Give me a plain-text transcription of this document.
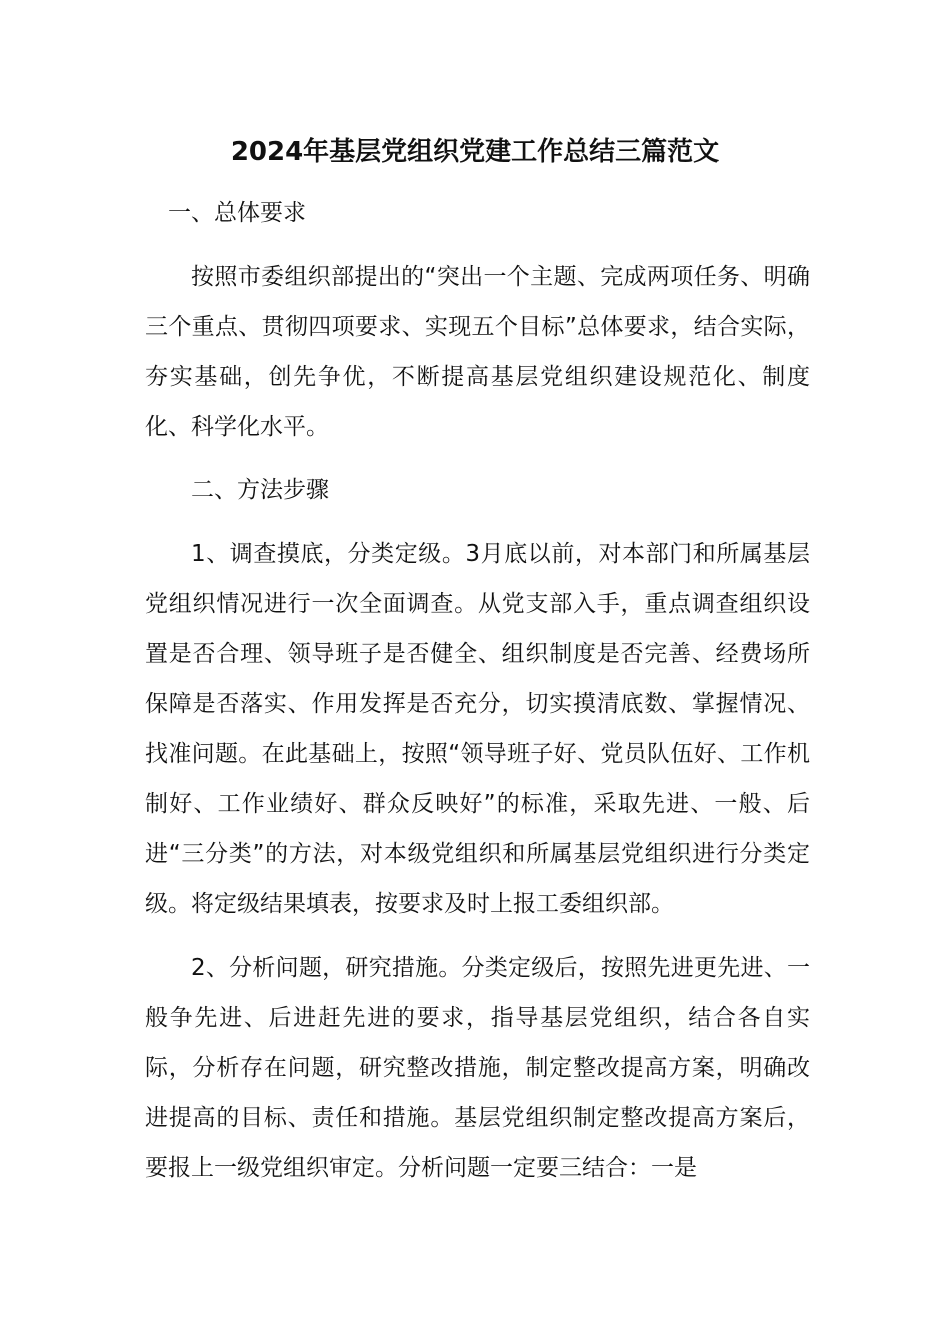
2024年基层党组织党建工作总结三篇范文
一、总体要求
按照市委组织部提出的“突出一个主题、完成两项任务、明确三个重点、贯彻四项要求、实现五个目标”总体要求，结合实际，夯实基础，创先争优，不断提高基层党组织建设规范化、制度化、科学化水平。
二、方法步骤
1、调查摸底，分类定级。3月底以前，对本部门和所属基层党组织情况进行一次全面调查。从党支部入手，重点调查组织设置是否合理、领导班子是否健全、组织制度是否完善、经费场所保障是否落实、作用发挥是否充分，切实摸清底数、掌握情况、找准问题。在此基础上，按照“领导班子好、党员队伍好、工作机制好、工作业绩好、群众反映好”的标准，采取先进、一般、后进“三分类”的方法，对本级党组织和所属基层党组织进行分类定级。将定级结果填表，按要求及时上报工委组织部。
2、分析问题，研究措施。分类定级后，按照先进更先进、一般争先进、后进赶先进的要求，指导基层党组织，结合各自实际，分析存在问题，研究整改措施，制定整改提高方案，明确改进提高的目标、责任和措施。基层党组织制定整改提高方案后，要报上一级党组织审定。分析问题一定要三结合：一是
